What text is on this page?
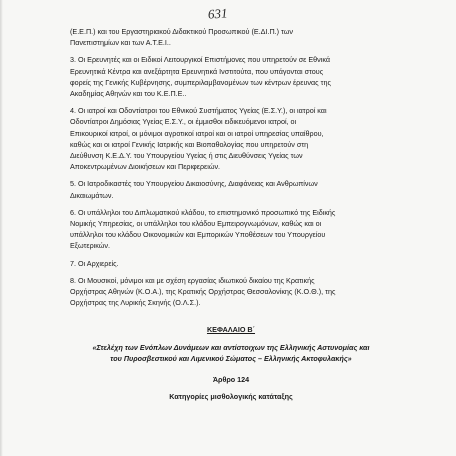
631

(Ε.Ε.Π.) και του Εργαστηριακού Διδακτικού Προσωπικού (Ε.ΔΙ.Π.) των

Πανεπιστημίων και των Α.Τ.Ε.Ι..

3. Οι Ερευνητές και οι Ειδικοί Λειτουργικοί Επιστήμονες που υπηρετούν σε Εθνικά

Ερευνητικά Κέντρα και ανεξάρτητα Ερευνητικά Ινστιτούτα, που υπάγονται στους

φορείς της Γενικής Κυβέρνησης, συμπεριλαμβανομένων των κέντρων έρευνας της

Ακαδημίας Αθηνών και του Κ.Ε.Π.Ε..

4. Οι ιατροί και Οδοντίατροι του Εθνικού Συστήματος Υγείας (Ε.Σ.Υ.), οι ιατροί και

Οδοντίατροι Δημόσιας Υγείας Ε.Σ.Υ., οι έμμισθοι ειδικευόμενοι ιατροί, οι

Επικουρικοί ιατροί, οι μόνιμοι αγροτικοί ιατροί και οι ιατροί υπηρεσίας υπαίθρου,

καθώς και οι ιατροί Γενικής Ιατρικής και Βιοπαθολογίας που υπηρετούν στη

Διεύθυνση Κ.Ε.Δ.Υ. του Υπουργείου Υγείας ή στις Διευθύνσεις Υγείας των

Αποκεντρωμένων Διοικήσεων και Περιφερειών.

5. Οι Ιατροδικαστές του Υπουργείου Δικαιοσύνης, Διαφάνειας και Ανθρωπίνων

Δικαιωμάτων.

6. Οι υπάλληλοι του Διπλωματικού κλάδου, το επιστημονικό προσωπικό της Ειδικής

Νομικής Υπηρεσίας, οι υπάλληλοι του κλάδου Εμπειρογνωμόνων, καθώς και οι

υπάλληλοι του κλάδου Οικονομικών και Εμπορικών Υποθέσεων του Υπουργείου

Εξωτερικών.

7. Οι Αρχιερείς.

8. Οι Μουσικοί, μόνιμοι και με σχέση εργασίας ιδιωτικού δικαίου της Κρατικής

Ορχήστρας Αθηνών (Κ.Ο.Α.), της Κρατικής Ορχήστρας Θεσσαλονίκης (Κ.Ο.Θ.), της

Ορχήστρας της Λυρικής Σκηνής (Ο.Λ.Σ.).

ΚΕΦΑΛΑΙΟ Β΄

«Στελέχη των Ενόπλων Δυνάμεων και αντίστοιχων της Ελληνικής Αστυνομίας και

του Πυροσβεστικού και Λιμενικού Σώματος – Ελληνικής Ακτοφυλακής»

Άρθρο 124

Κατηγορίες μισθολογικής κατάταξης
